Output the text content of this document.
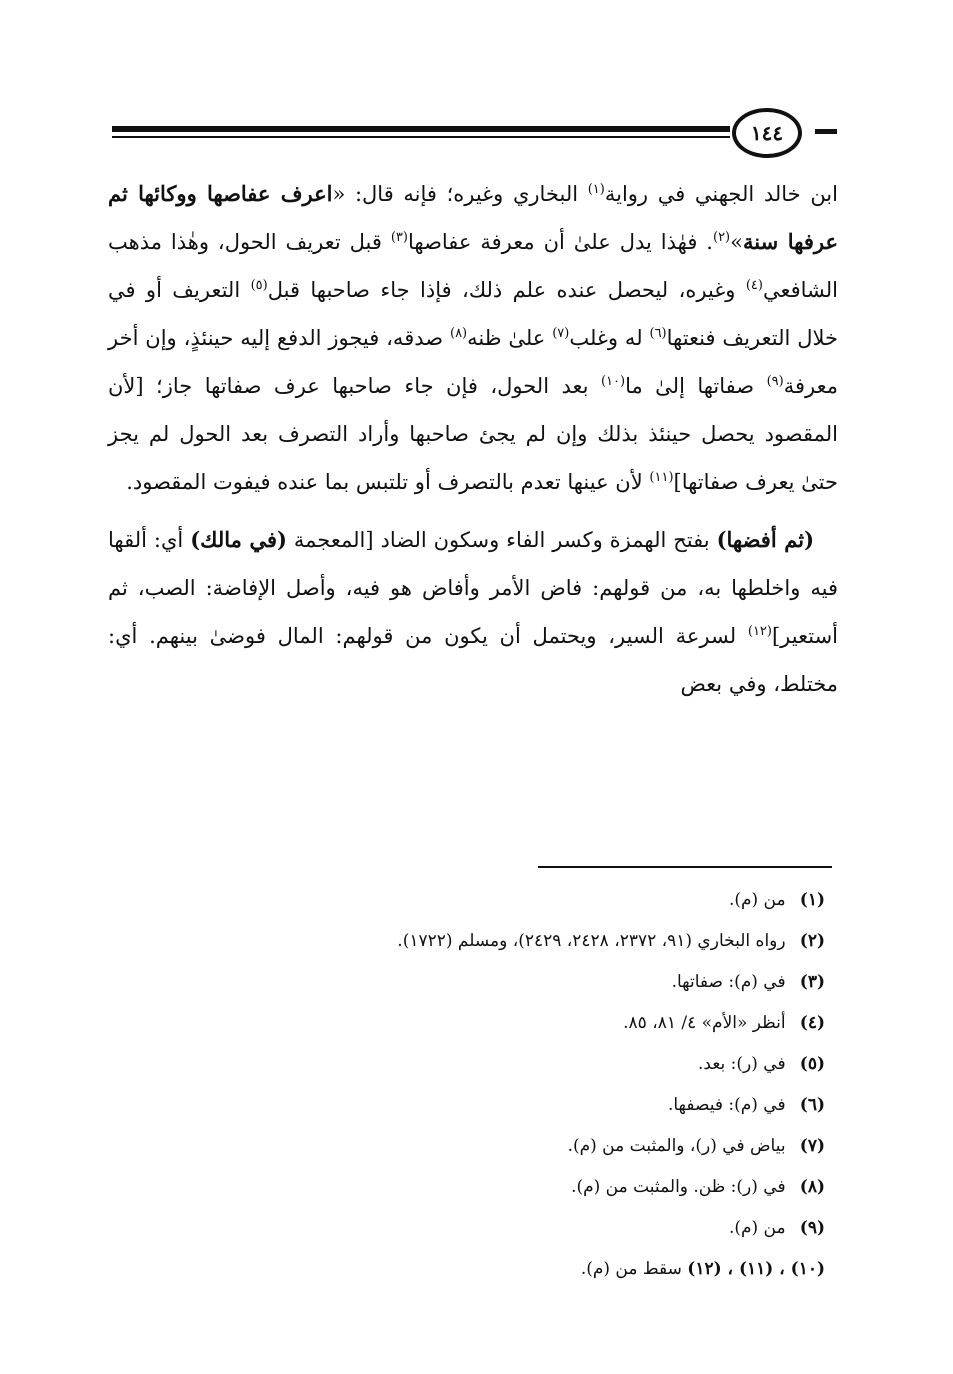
١٤٤

ابن خالد الجهني في رواية$^{(١)}$ البخاري وغيره؛ فإنه قال: «اعرف عفاصها ووكائها ثم عرفها سنة»$^{(٢)}$. فهٰذا يدل علىٰ أن معرفة عفاصها$^{(٣)}$ قبل تعريف الحول، وهٰذا مذهب الشافعي$^{(٤)}$ وغيره، ليحصل عنده علم ذلك، فإذا جاء صاحبها قبل$^{(٥)}$ التعريف أو في خلال التعريف فنعتها$^{(٦)}$ له وغلب$^{(٧)}$ علىٰ ظنه$^{(٨)}$ صدقه، فيجوز الدفع إليه حينئذٍ، وإن أخر معرفة$^{(٩)}$ صفاتها إلىٰ ما$^{(١٠)}$ بعد الحول، فإن جاء صاحبها عرف صفاتها جاز؛ [لأن المقصود يحصل حينئذ بذلك وإن لم يجئ صاحبها وأراد التصرف بعد الحول لم يجز حتىٰ يعرف صفاتها]$^{(١١)}$ لأن عينها تعدم بالتصرف أو تلتبس بما عنده فيفوت المقصود.

(ثم أفضها) بفتح الهمزة وكسر الفاء وسكون الضاد [المعجمة (في مالك) أي: ألقها فيه واخلطها به، من قولهم: فاض الأمر وأفاض هو فيه، وأصل الإفاضة: الصب، ثم أستعير]$^{(١٢)}$ لسرعة السير، ويحتمل أن يكون من قولهم: المال فوضىٰ بينهم. أي: مختلط، وفي بعض

(١) من (م).
(٢) رواه البخاري (٩١، ٢٣٧٢، ٢٤٢٨، ٢٤٢٩)، ومسلم (١٧٢٢).
(٣) في (م): صفاتها.
(٤) أنظر «الأم» ٤/ ٨١، ٨٥.
(٥) في (ر): بعد.
(٦) في (م): فيصفها.
(٧) بياض في (ر)، والمثبت من (م).
(٨) في (ر): ظن. والمثبت من (م).
(٩) من (م).
(١٠) ، (١١) ، (١٢) سقط من (م).
